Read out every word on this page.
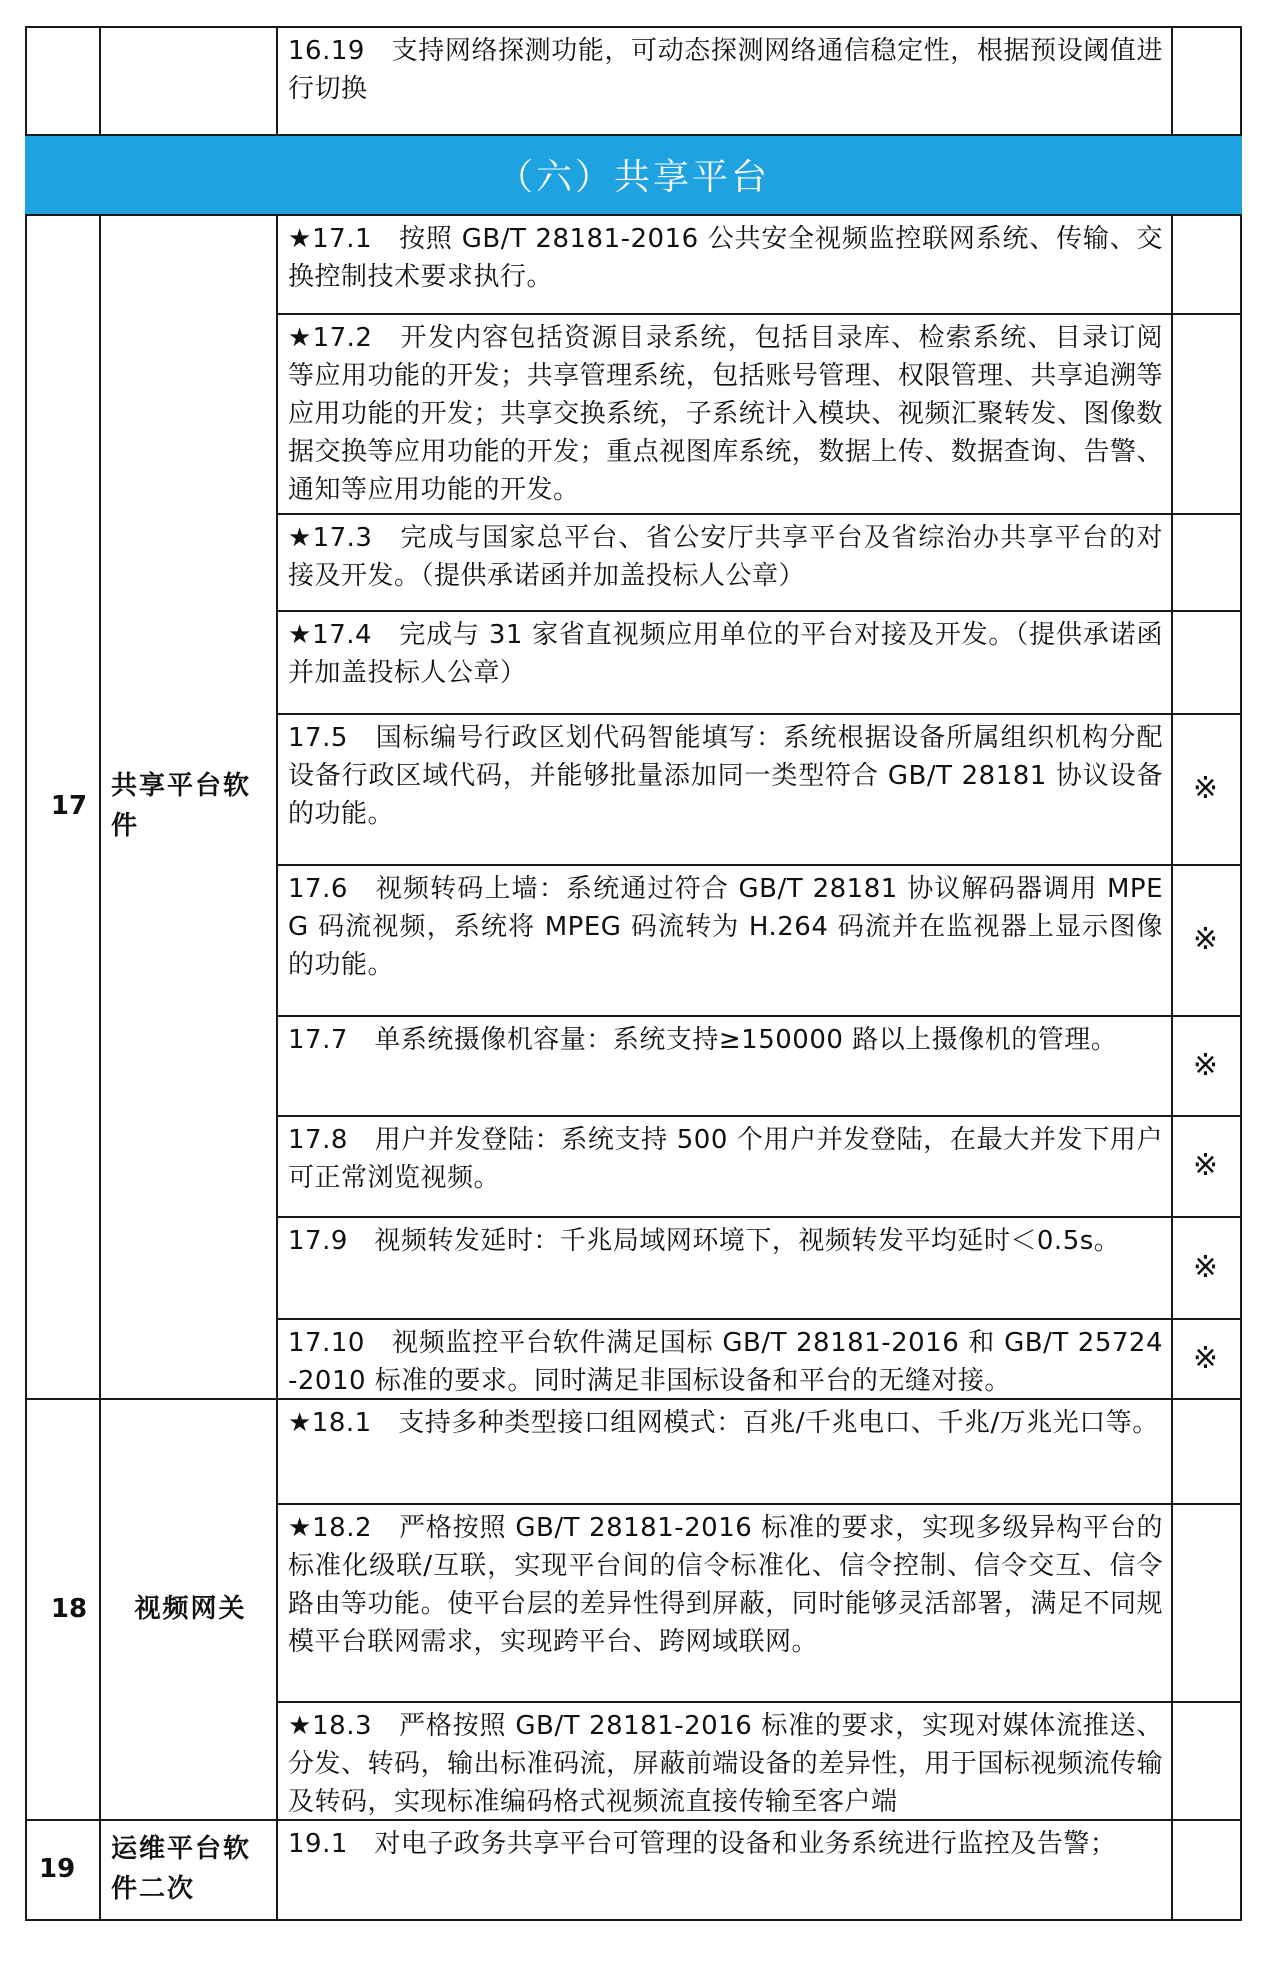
（六）共享平台
16.19　支持网络探测功能，可动态探测网络通信稳定性，根据预设阈值进行切换
17
共享平台软件
★17.1　按照 GB/T 28181-2016 公共安全视频监控联网系统、传输、交换控制技术要求执行。
★17.2　开发内容包括资源目录系统，包括目录库、检索系统、目录订阅等应用功能的开发；共享管理系统，包括账号管理、权限管理、共享追溯等应用功能的开发；共享交换系统，子系统计入模块、视频汇聚转发、图像数据交换等应用功能的开发；重点视图库系统，数据上传、数据查询、告警、通知等应用功能的开发。
★17.3　完成与国家总平台、省公安厅共享平台及省综治办共享平台的对接及开发。（提供承诺函并加盖投标人公章）
★17.4　完成与 31 家省直视频应用单位的平台对接及开发。（提供承诺函并加盖投标人公章）
17.5　国标编号行政区划代码智能填写：系统根据设备所属组织机构分配设备行政区域代码，并能够批量添加同一类型符合 GB/T 28181 协议设备的功能。
※
17.6　视频转码上墙：系统通过符合 GB/T 28181 协议解码器调用 MPEG 码流视频，系统将 MPEG 码流转为 H.264 码流并在监视器上显示图像的功能。
※
17.7　单系统摄像机容量：系统支持≥150000 路以上摄像机的管理。
※
17.8　用户并发登陆：系统支持 500 个用户并发登陆，在最大并发下用户可正常浏览视频。	※
17.9　视频转发延时：千兆局域网环境下，视频转发平均延时＜0.5s。
※
17.10　视频监控平台软件满足国标 GB/T 28181-2016 和 GB/T 25724-2010 标准的要求。同时满足非国标设备和平台的无缝对接。
※
18	视频网关
★18.1　支持多种类型接口组网模式：百兆/千兆电口、千兆/万兆光口等。
★18.2　严格按照 GB/T 28181-2016 标准的要求，实现多级异构平台的标准化级联/互联，实现平台间的信令标准化、信令控制、信令交互、信令路由等功能。使平台层的差异性得到屏蔽，同时能够灵活部署，满足不同规模平台联网需求，实现跨平台、跨网域联网。
★18.3　严格按照 GB/T 28181-2016 标准的要求，实现对媒体流推送、分发、转码，输出标准码流，屏蔽前端设备的差异性，用于国标视频流传输及转码，实现标准编码格式视频流直接传输至客户端
19
运维平台软件二次
19.1　对电子政务共享平台可管理的设备和业务系统进行监控及告警；
